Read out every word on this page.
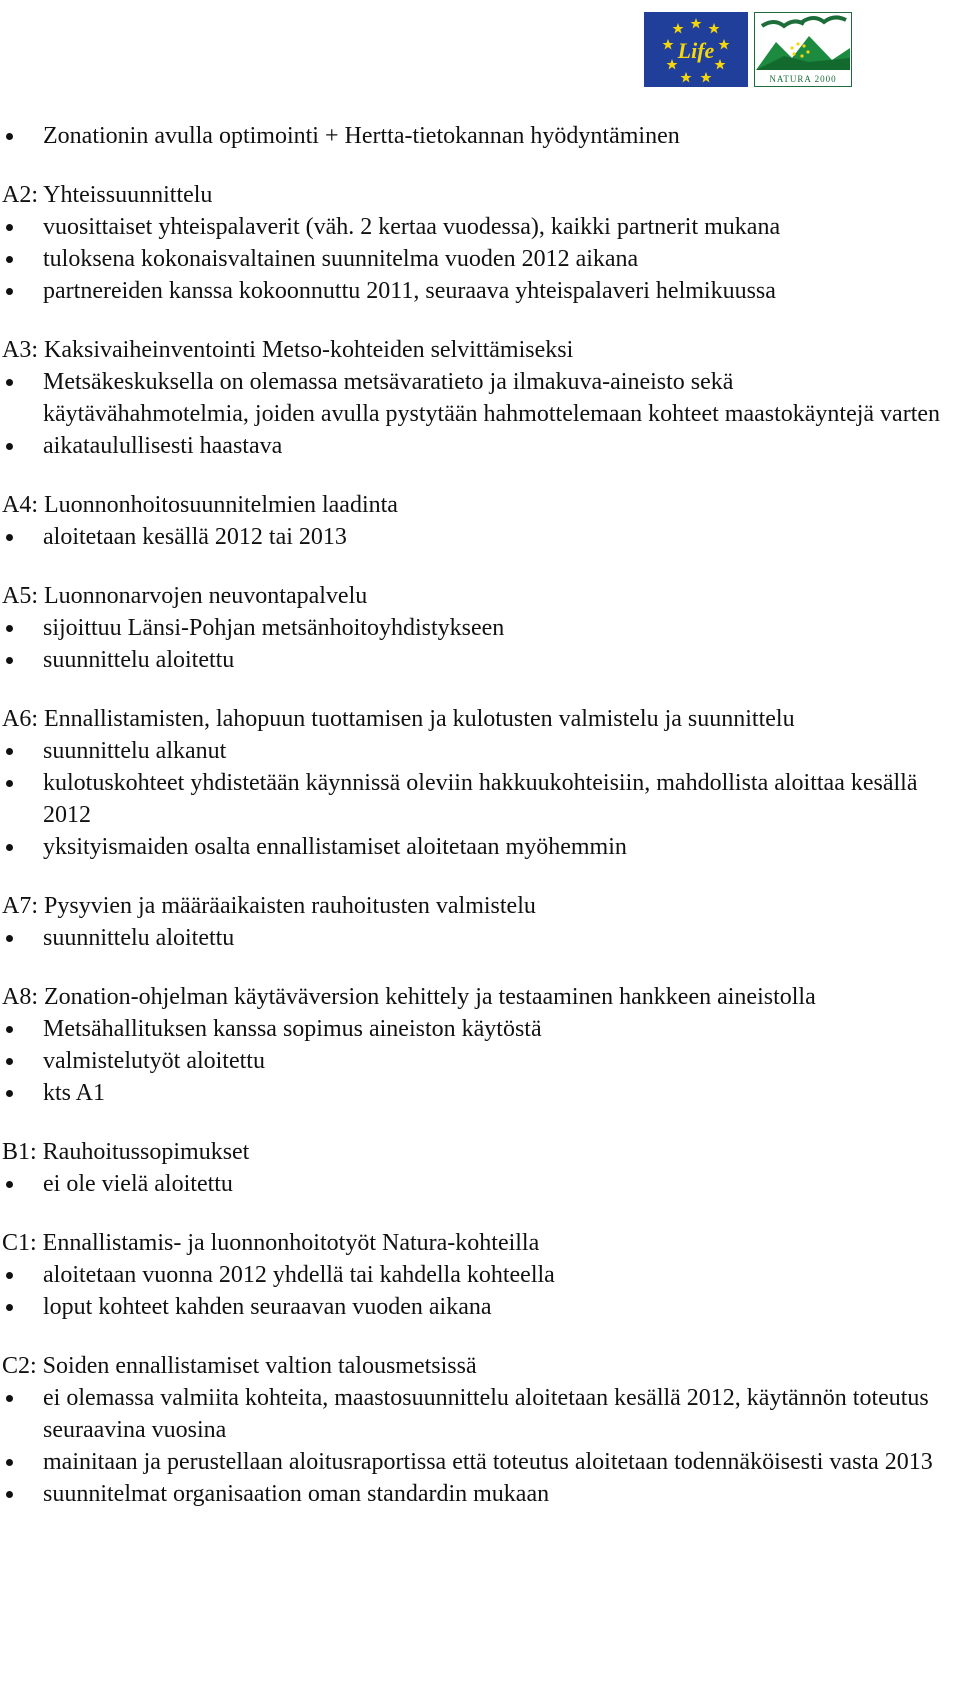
Life
NATURA 2000
Zonationin avulla optimointi + Hertta-tietokannan hyödyntäminen

A2: Yhteissuunnittelu

vuosittaiset yhteispalaverit (väh. 2 kertaa vuodessa), kaikki partnerit mukana
tuloksena kokonaisvaltainen suunnitelma vuoden 2012 aikana
partnereiden kanssa kokoonnuttu 2011, seuraava yhteispalaveri helmikuussa

A3: Kaksivaiheinventointi Metso-kohteiden selvittämiseksi

Metsäkeskuksella on olemassa metsävaratieto ja ilmakuva-aineisto sekä käytävähahmotelmia, joiden avulla pystytään hahmottelemaan kohteet maastokäyntejä varten
aikataulullisesti haastava

A4: Luonnonhoitosuunnitelmien laadinta

aloitetaan kesällä 2012 tai 2013

A5: Luonnonarvojen neuvontapalvelu

sijoittuu Länsi-Pohjan metsänhoitoyhdistykseen
suunnittelu aloitettu

A6: Ennallistamisten, lahopuun tuottamisen ja kulotusten valmistelu ja suunnittelu

suunnittelu alkanut
kulotuskohteet yhdistetään käynnissä oleviin hakkuukohteisiin, mahdollista aloittaa kesällä 2012
yksityismaiden osalta ennallistamiset aloitetaan myöhemmin

A7: Pysyvien ja määräaikaisten rauhoitusten valmistelu

suunnittelu aloitettu

A8: Zonation-ohjelman käytäväversion kehittely ja testaaminen hankkeen aineistolla

Metsähallituksen kanssa sopimus aineiston käytöstä
valmistelutyöt aloitettu
kts A1

B1: Rauhoitussopimukset

ei ole vielä aloitettu

C1: Ennallistamis- ja luonnonhoitotyöt Natura-kohteilla

aloitetaan vuonna 2012 yhdellä tai kahdella kohteella
loput kohteet kahden seuraavan vuoden aikana

C2: Soiden ennallistamiset valtion talousmetsissä

ei olemassa valmiita kohteita, maastosuunnittelu aloitetaan kesällä 2012, käytännön toteutus seuraavina vuosina
mainitaan ja perustellaan aloitusraportissa että toteutus aloitetaan todennäköisesti vasta 2013
suunnitelmat organisaation oman standardin mukaan
